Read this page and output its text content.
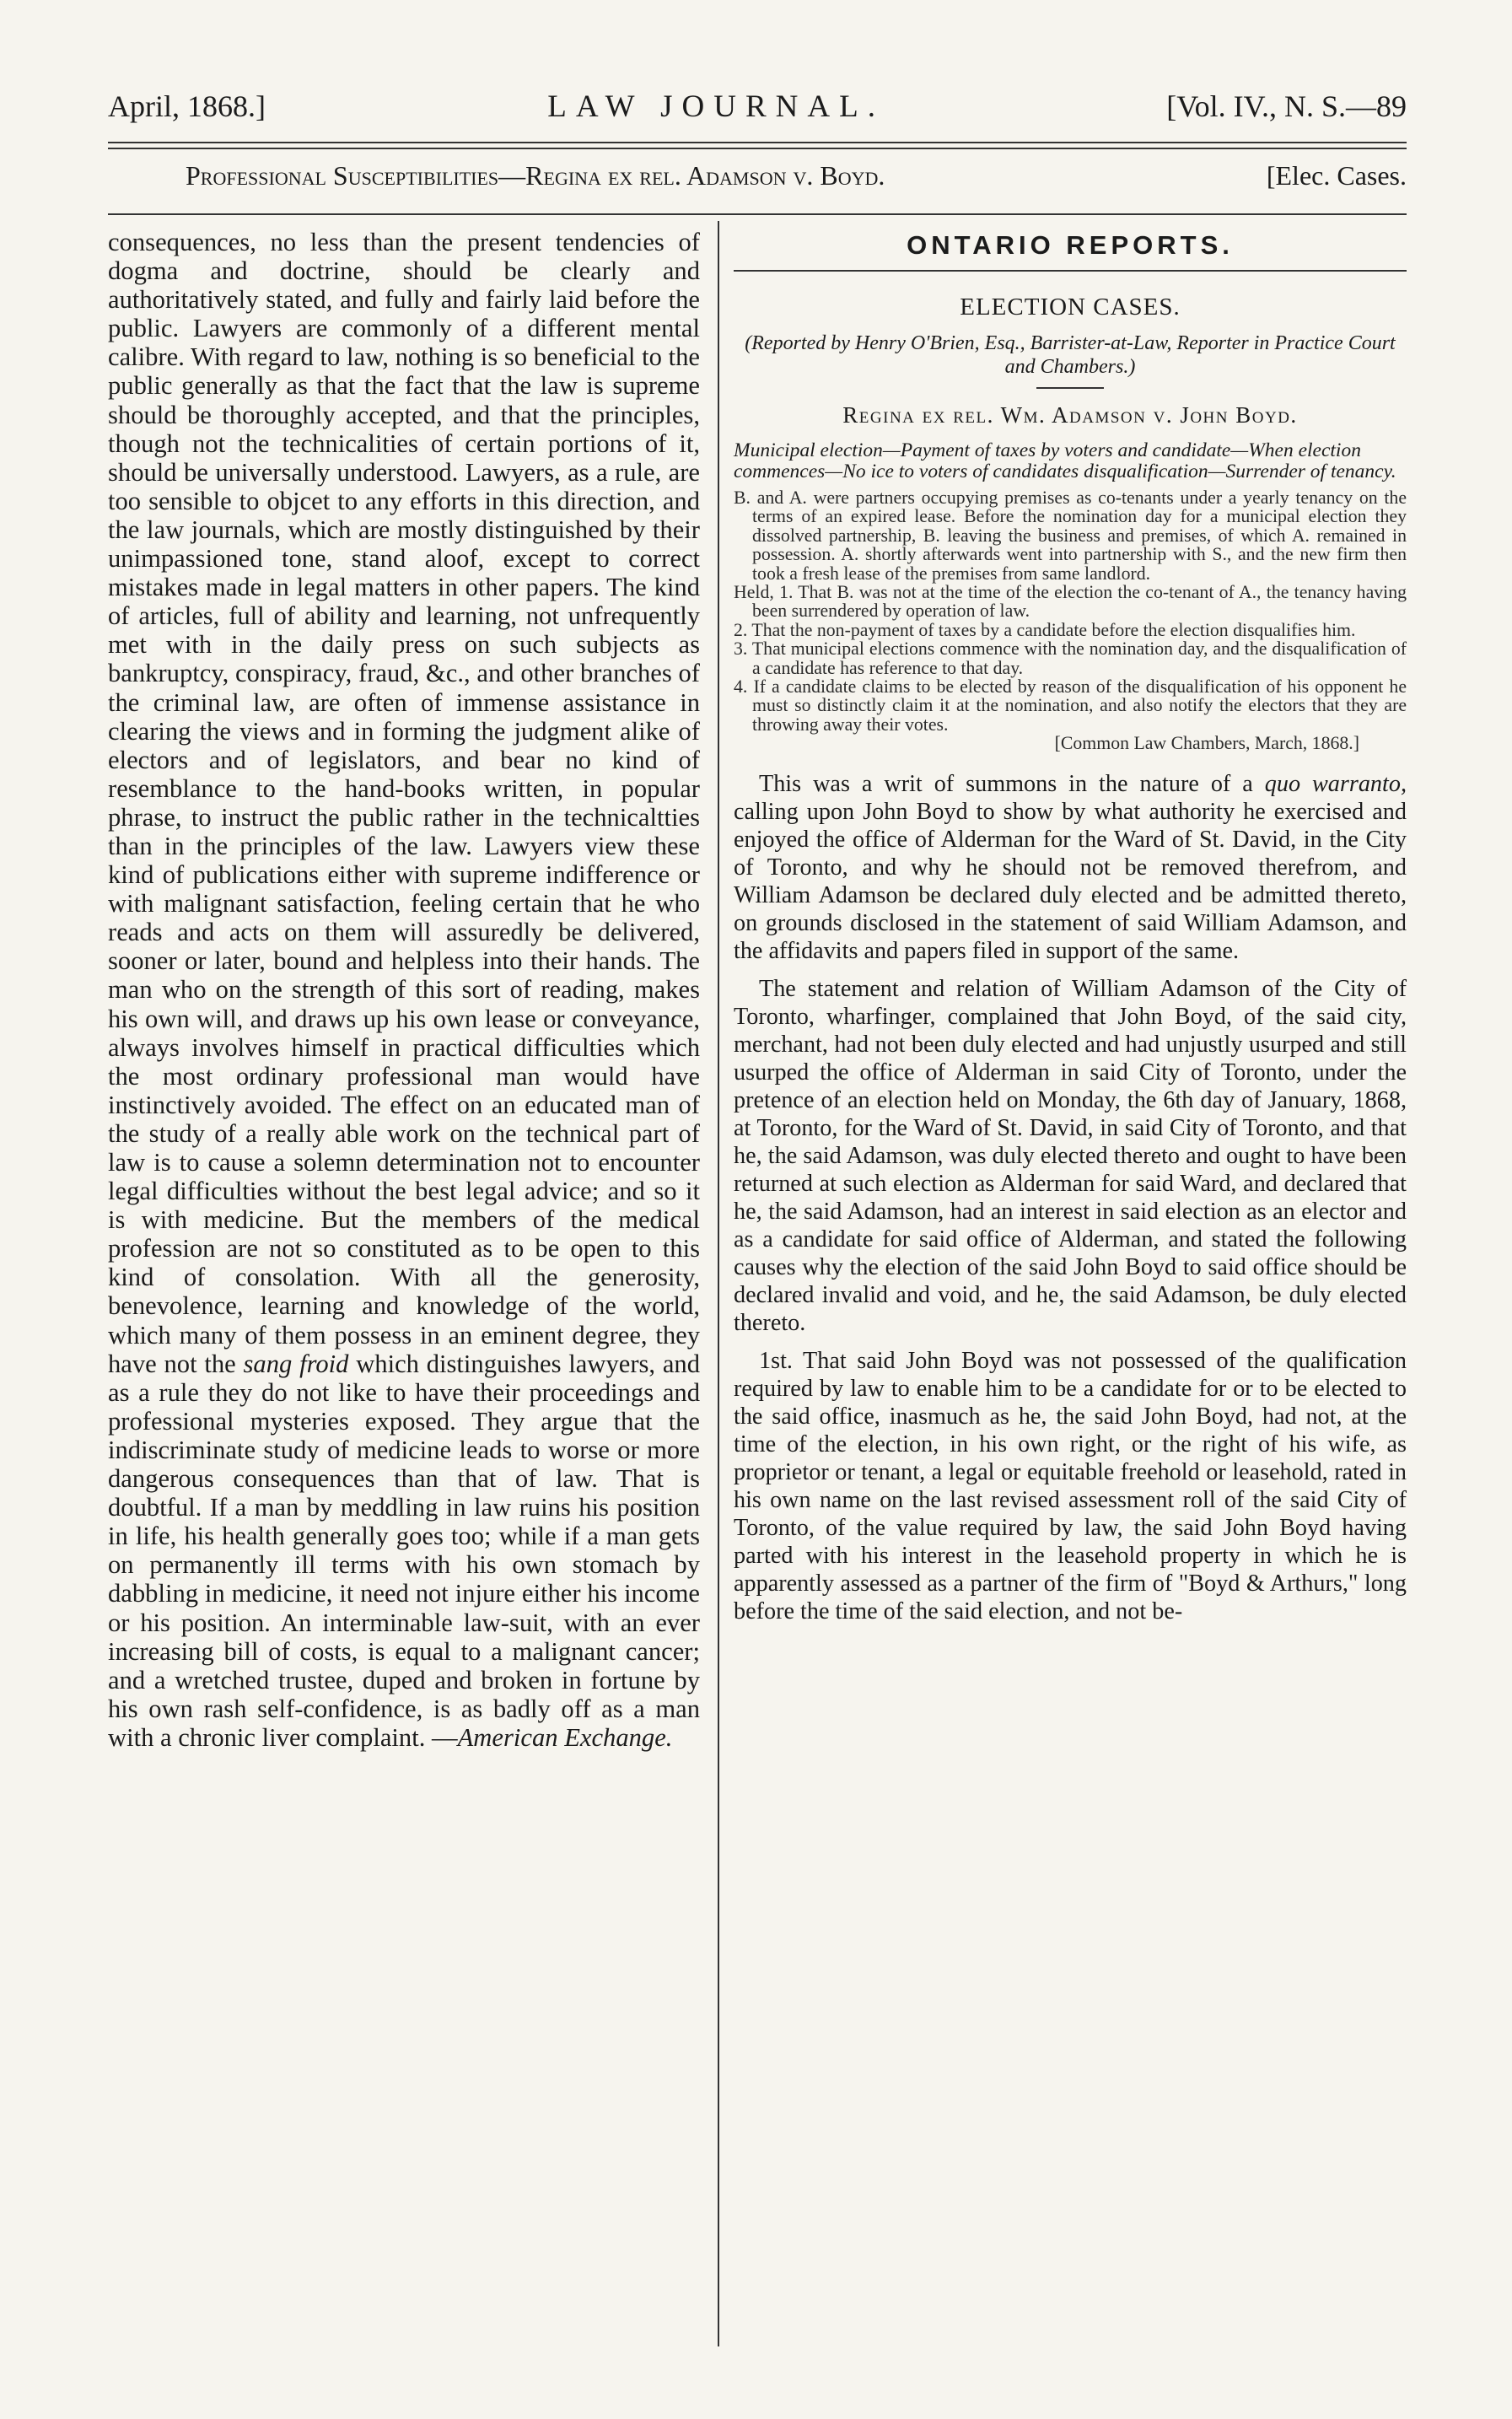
April, 1868.]	LAW JOURNAL.	[Vol. IV., N. S.—89
Professional Susceptibilities—Regina ex rel. Adamson v. Boyd.	[Elec. Cases.

consequences, no less than the present tendencies of dogma and doctrine, should be clearly and authoritatively stated, and fully and fairly laid before the public. Lawyers are commonly of a different mental calibre. With regard to law, nothing is so beneficial to the public generally as that the fact that the law is supreme should be thoroughly accepted, and that the principles, though not the technicalities of certain portions of it, should be universally understood. Lawyers, as a rule, are too sensible to objcet to any efforts in this direction, and the law journals, which are mostly distinguished by their unimpassioned tone, stand aloof, except to correct mistakes made in legal matters in other papers. The kind of articles, full of ability and learning, not unfrequently met with in the daily press on such subjects as bankruptcy, conspiracy, fraud, &c., and other branches of the criminal law, are often of immense assistance in clearing the views and in forming the judgment alike of electors and of legislators, and bear no kind of resemblance to the hand-books written, in popular phrase, to instruct the public rather in the technicaltties than in the principles of the law. Lawyers view these kind of publications either with supreme indifference or with malignant satisfaction, feeling certain that he who reads and acts on them will assuredly be delivered, sooner or later, bound and helpless into their hands. The man who on the strength of this sort of reading, makes his own will, and draws up his own lease or conveyance, always involves himself in practical difficulties which the most ordinary professional man would have instinctively avoided. The effect on an educated man of the study of a really able work on the technical part of law is to cause a solemn determination not to encounter legal difficulties without the best legal advice; and so it is with medicine. But the members of the medical profession are not so constituted as to be open to this kind of consolation. With all the generosity, benevolence, learning and knowledge of the world, which many of them possess in an eminent degree, they have not the sang froid which distinguishes lawyers, and as a rule they do not like to have their proceedings and professional mysteries exposed. They argue that the indiscriminate study of medicine leads to worse or more dangerous consequences than that of law. That is doubtful. If a man by meddling in law ruins his position in life, his health generally goes too; while if a man gets on permanently ill terms with his own stomach by dabbling in medicine, it need not injure either his income or his position. An interminable law-suit, with an ever increasing bill of costs, is equal to a malignant cancer; and a wretched trustee, duped and broken in fortune by his own rash self-confidence, is as badly off as a man with a chronic liver complaint. —American Exchange.

ONTARIO REPORTS.
ELECTION CASES.
(Reported by Henry O'Brien, Esq., Barrister-at-Law, Reporter in Practice Court and Chambers.)
Regina ex rel. Wm. Adamson v. John Boyd.
Municipal election—Payment of taxes by voters and candidate—When election commences—No ice to voters of candidates disqualification—Surrender of tenancy.

B. and A. were partners occupying premises as co-tenants under a yearly tenancy on the terms of an expired lease. Before the nomination day for a municipal election they dissolved partnership, B. leaving the business and premises, of which A. remained in possession. A. shortly afterwards went into partnership with S., and the new firm then took a fresh lease of the premises from same landlord.

Held, 1. That B. was not at the time of the election the co-tenant of A., the tenancy having been surrendered by operation of law.

2. That the non-payment of taxes by a candidate before the election disqualifies him.

3. That municipal elections commence with the nomination day, and the disqualification of a candidate has reference to that day.

4. If a candidate claims to be elected by reason of the disqualification of his opponent he must so distinctly claim it at the nomination, and also notify the electors that they are throwing away their votes.

[Common Law Chambers, March, 1868.]

This was a writ of summons in the nature of a quo warranto, calling upon John Boyd to show by what authority he exercised and enjoyed the office of Alderman for the Ward of St. David, in the City of Toronto, and why he should not be removed therefrom, and William Adamson be declared duly elected and be admitted thereto, on grounds disclosed in the statement of said William Adamson, and the affidavits and papers filed in support of the same.

The statement and relation of William Adamson of the City of Toronto, wharfinger, complained that John Boyd, of the said city, merchant, had not been duly elected and had unjustly usurped and still usurped the office of Alderman in said City of Toronto, under the pretence of an election held on Monday, the 6th day of January, 1868, at Toronto, for the Ward of St. David, in said City of Toronto, and that he, the said Adamson, was duly elected thereto and ought to have been returned at such election as Alderman for said Ward, and declared that he, the said Adamson, had an interest in said election as an elector and as a candidate for said office of Alderman, and stated the following causes why the election of the said John Boyd to said office should be declared invalid and void, and he, the said Adamson, be duly elected thereto.

1st. That said John Boyd was not possessed of the qualification required by law to enable him to be a candidate for or to be elected to the said office, inasmuch as he, the said John Boyd, had not, at the time of the election, in his own right, or the right of his wife, as proprietor or tenant, a legal or equitable freehold or leasehold, rated in his own name on the last revised assessment roll of the said City of Toronto, of the value required by law, the said John Boyd having parted with his interest in the leasehold property in which he is apparently assessed as a partner of the firm of "Boyd & Arthurs," long before the time of the said election, and not be-
